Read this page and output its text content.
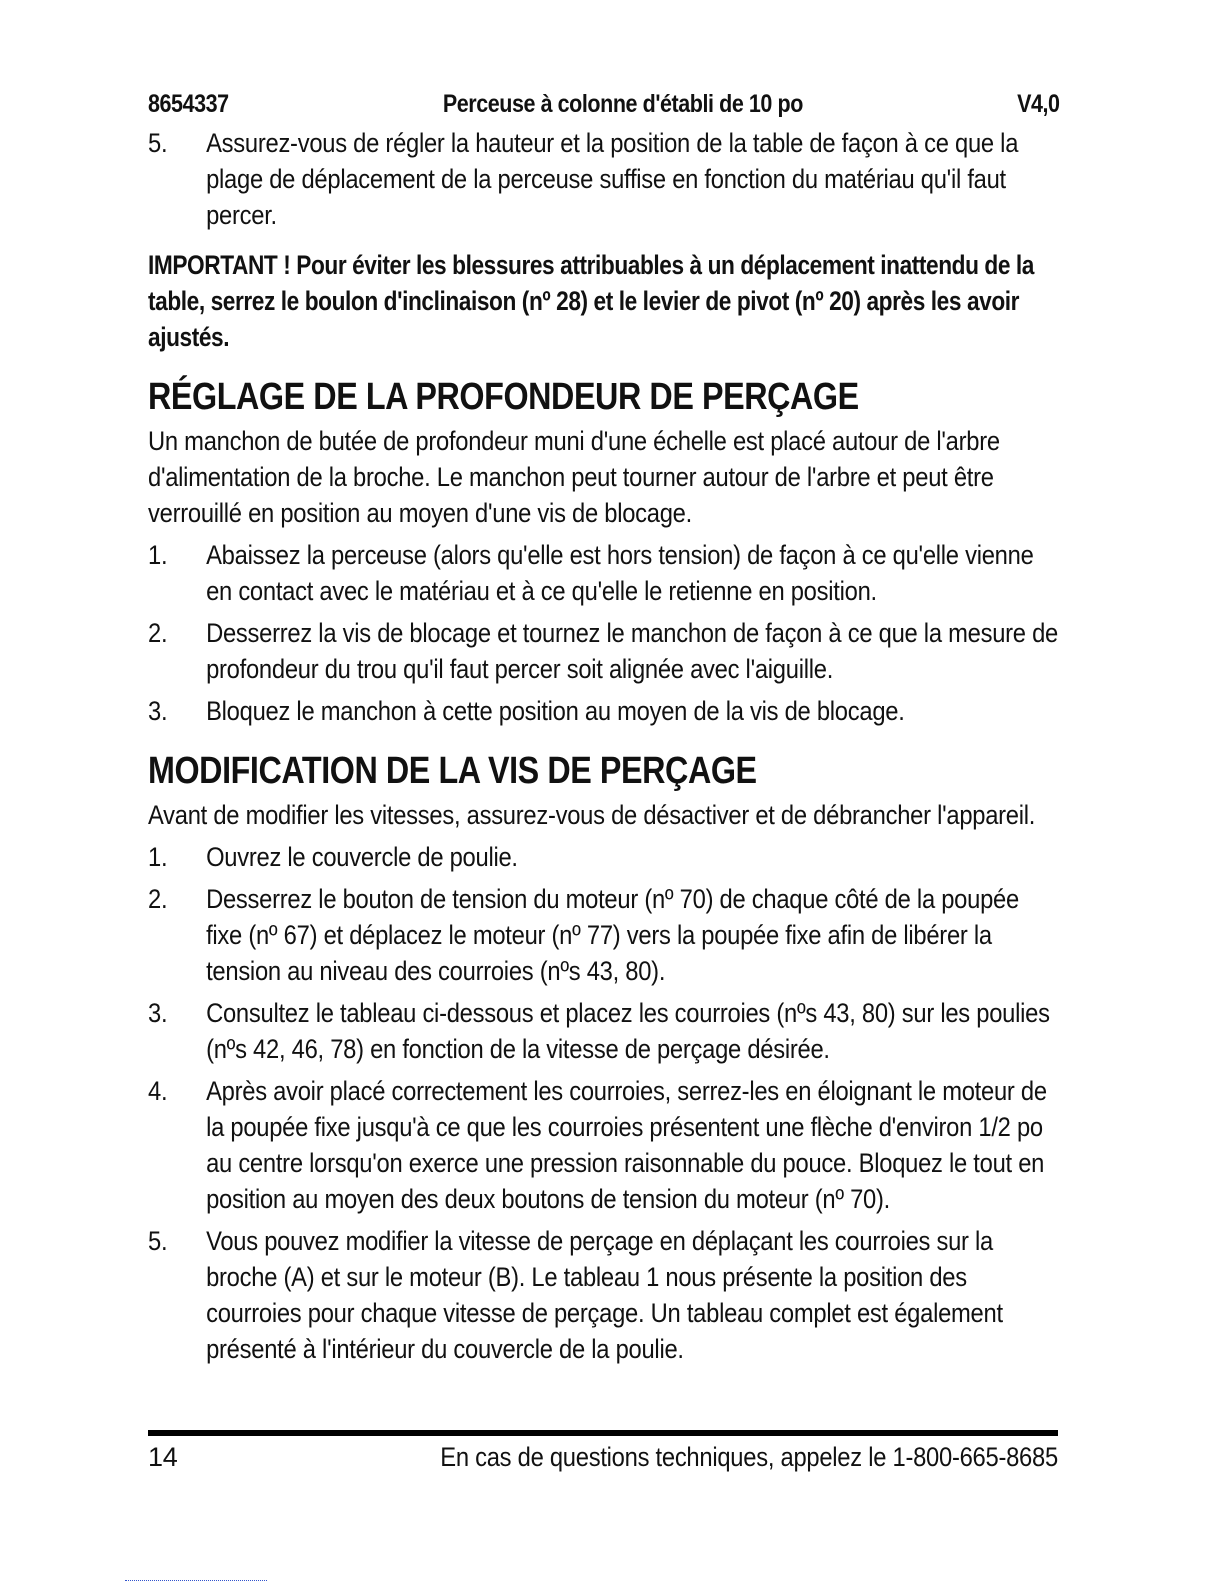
8654337	Perceuse à colonne d'établi de 10 po	V4,0
5.	Assurez-vous de régler la hauteur et la position de la table de façon à ce que la plage de déplacement de la perceuse suffise en fonction du matériau qu'il faut percer.
IMPORTANT ! Pour éviter les blessures attribuables à un déplacement inattendu de la table, serrez le boulon d'inclinaison (nº 28) et le levier de pivot (nº 20) après les avoir ajustés.
RÉGLAGE DE LA PROFONDEUR DE PERÇAGE

Un manchon de butée de profondeur muni d'une échelle est placé autour de l'arbre d'alimentation de la broche. Le manchon peut tourner autour de l'arbre et peut être verrouillé en position au moyen d'une vis de blocage.

1.	Abaissez la perceuse (alors qu'elle est hors tension) de façon à ce qu'elle vienne en contact avec le matériau et à ce qu'elle le retienne en position.
2.	Desserrez la vis de blocage et tournez le manchon de façon à ce que la mesure de profondeur du trou qu'il faut percer soit alignée avec l'aiguille.
3.	Bloquez le manchon à cette position au moyen de la vis de blocage.
MODIFICATION DE LA VIS DE PERÇAGE

Avant de modifier les vitesses, assurez-vous de désactiver et de débrancher l'appareil.

1.	Ouvrez le couvercle de poulie.
2.	Desserrez le bouton de tension du moteur (nº 70) de chaque côté de la poupée fixe (nº 67) et déplacez le moteur (nº 77) vers la poupée fixe afin de libérer la tension au niveau des courroies (nºs 43, 80).
3.	Consultez le tableau ci-dessous et placez les courroies (nºs 43, 80) sur les poulies (nºs 42, 46, 78) en fonction de la vitesse de perçage désirée.
4.	Après avoir placé correctement les courroies, serrez-les en éloignant le moteur de la poupée fixe jusqu'à ce que les courroies présentent une flèche d'environ 1/2 po au centre lorsqu'on exerce une pression raisonnable du pouce. Bloquez le tout en position au moyen des deux boutons de tension du moteur (nº 70).
5.	Vous pouvez modifier la vitesse de perçage en déplaçant les courroies sur la broche (A) et sur le moteur (B). Le tableau 1 nous présente la position des courroies pour chaque vitesse de perçage. Un tableau complet est également présenté à l'intérieur du couvercle de la poulie.
14	En cas de questions techniques, appelez le 1-800-665-8685
